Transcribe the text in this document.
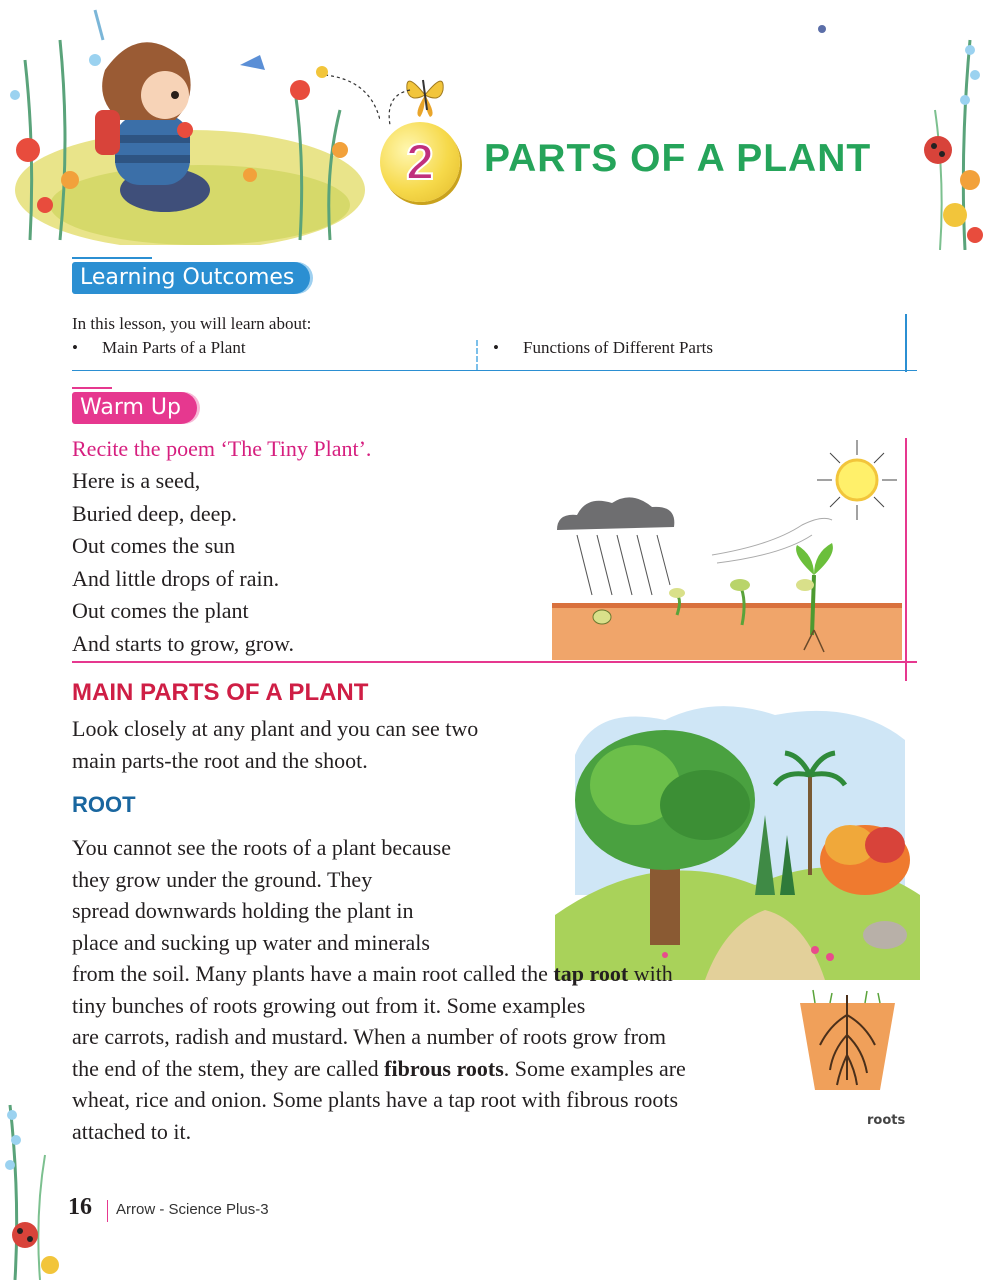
2 PARTS OF A PLANT
Learning Outcomes
In this lesson, you will learn about:
• Main Parts of a Plant	• Functions of Different Parts
Warm Up
Recite the poem ‘The Tiny Plant’.
Here is a seed,
Buried deep, deep.
Out comes the sun
And little drops of rain.
Out comes the plant
And starts to grow, grow.
MAIN PARTS OF A PLANT
Look closely at any plant and you can see two
main parts-the root and the shoot.
ROOT
You cannot see the roots of a plant because
they grow under the ground. They
spread downwards holding the plant in
place and sucking up water and minerals
from the soil. Many plants have a main root called the tap root with
tiny bunches of roots growing out from it. Some examples
are carrots, radish and mustard. When a number of roots grow from
the end of the stem, they are called fibrous roots. Some examples are
wheat, rice and onion. Some plants have a tap root with fibrous roots
attached to it.	roots
16 Arrow - Science Plus-3
